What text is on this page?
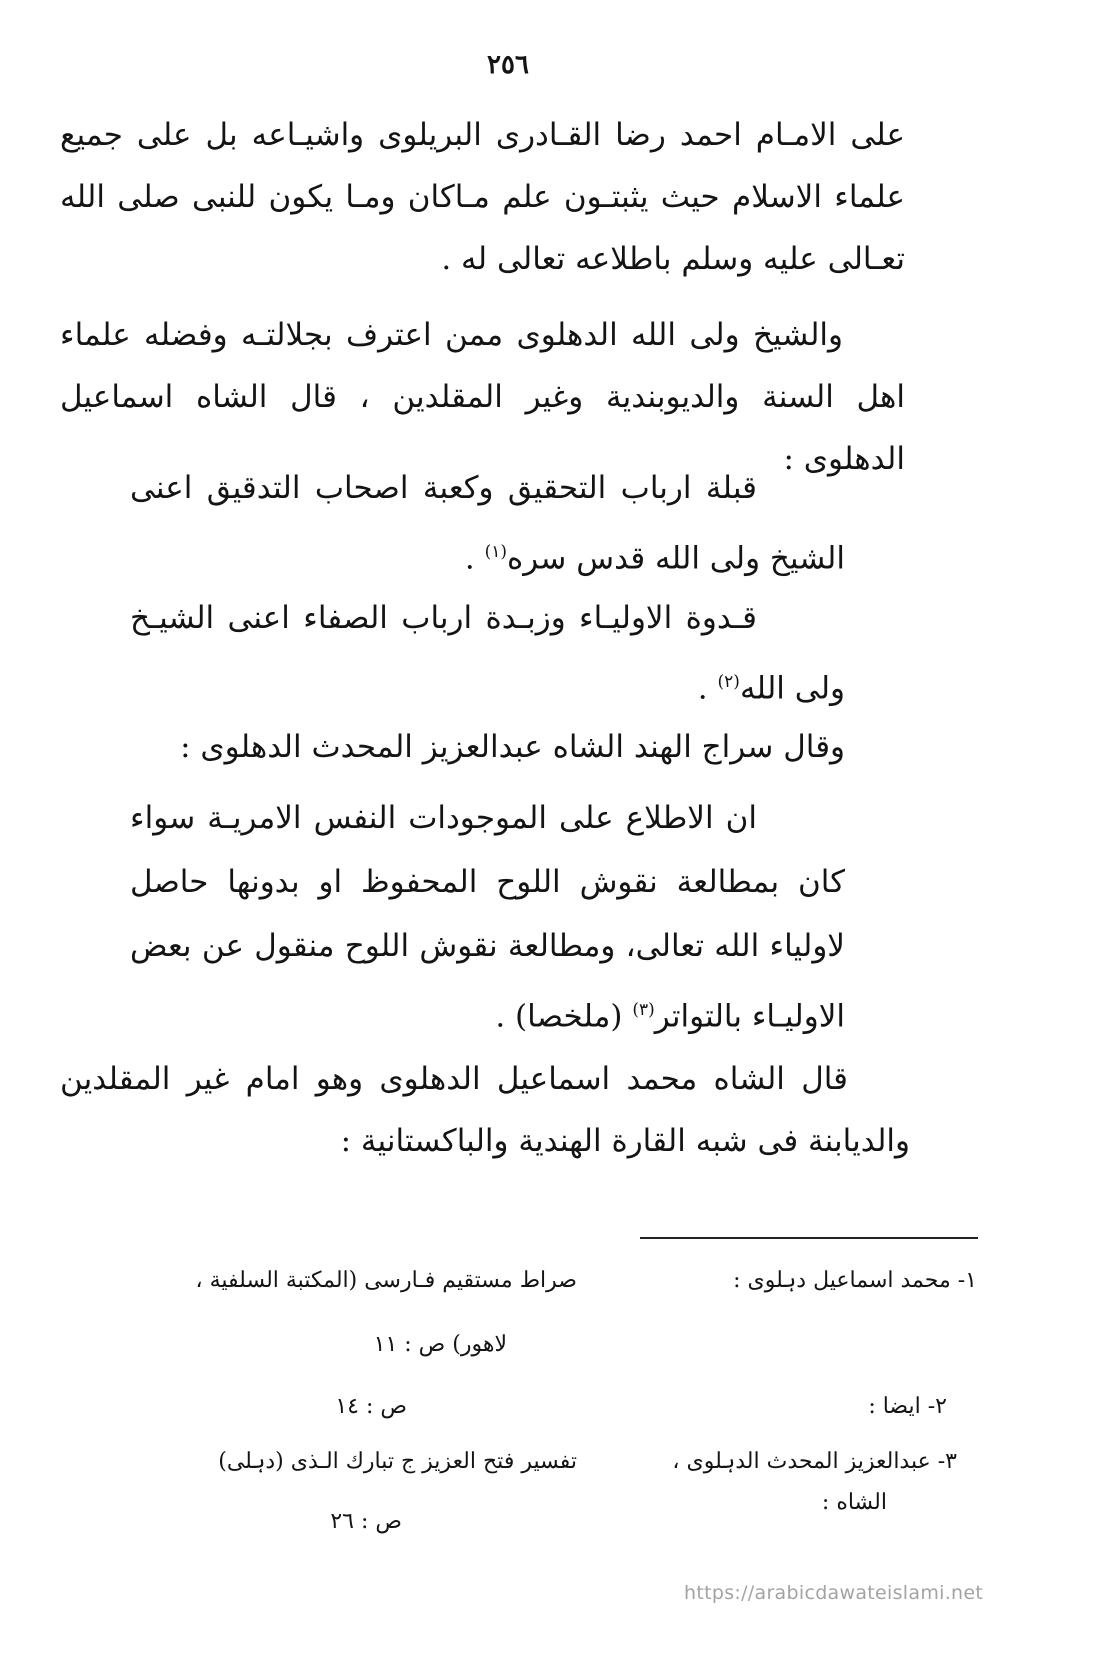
٢٥٦

على الامـام احمد رضا القـادرى البريلوى واشيـاعه بل على جميع علماء الاسلام حيث يثبتـون علم مـاكان ومـا يكون للنبى صلى الله تعـالى عليه وسلم باطلاعه تعالى له .

والشيخ ولى الله الدهلوى ممن اعترف بجلالتـه وفضله علماء اهل السنة والديوبندية وغير المقلدين ، قال الشاه اسماعيل الدهلوى :

قبلة ارباب التحقيق وكعبة اصحاب التدقيق اعنى الشيخ ولى الله قدس سره$^{(١)}$ .

قـدوة الاوليـاء وزبـدة ارباب الصفاء اعنى الشيـخ ولى الله$^{(٢)}$ .

وقال سراج الهند الشاه عبدالعزيز المحدث الدهلوى :

ان الاطلاع على الموجودات النفس الامريـة سواء كان بمطالعة نقوش اللوح المحفوظ او بدونها حاصل لاولياء الله تعالى، ومطالعة نقوش اللوح منقول عن بعض الاوليـاء بالتواتر$^{(٣)}$ (ملخصا) .

قال الشاه محمد اسماعيل الدهلوى وهو امام غير المقلدين والديابنة فى شبه القارة الهندية والباكستانية :

١- محمد اسماعيل دہلوی :
صراط مستقيم فـارسى (المكتبة السلفية ،
لاهور) ص : ١١
٢- ايضا :
ص : ١٤
٣- عبدالعزيز المحدث الدہلوى ،
تفسير فتح العزيز ج تبارك الـذى (دہلى)
الشاه :
ص : ٢٦
https://arabicdawateislami.net
